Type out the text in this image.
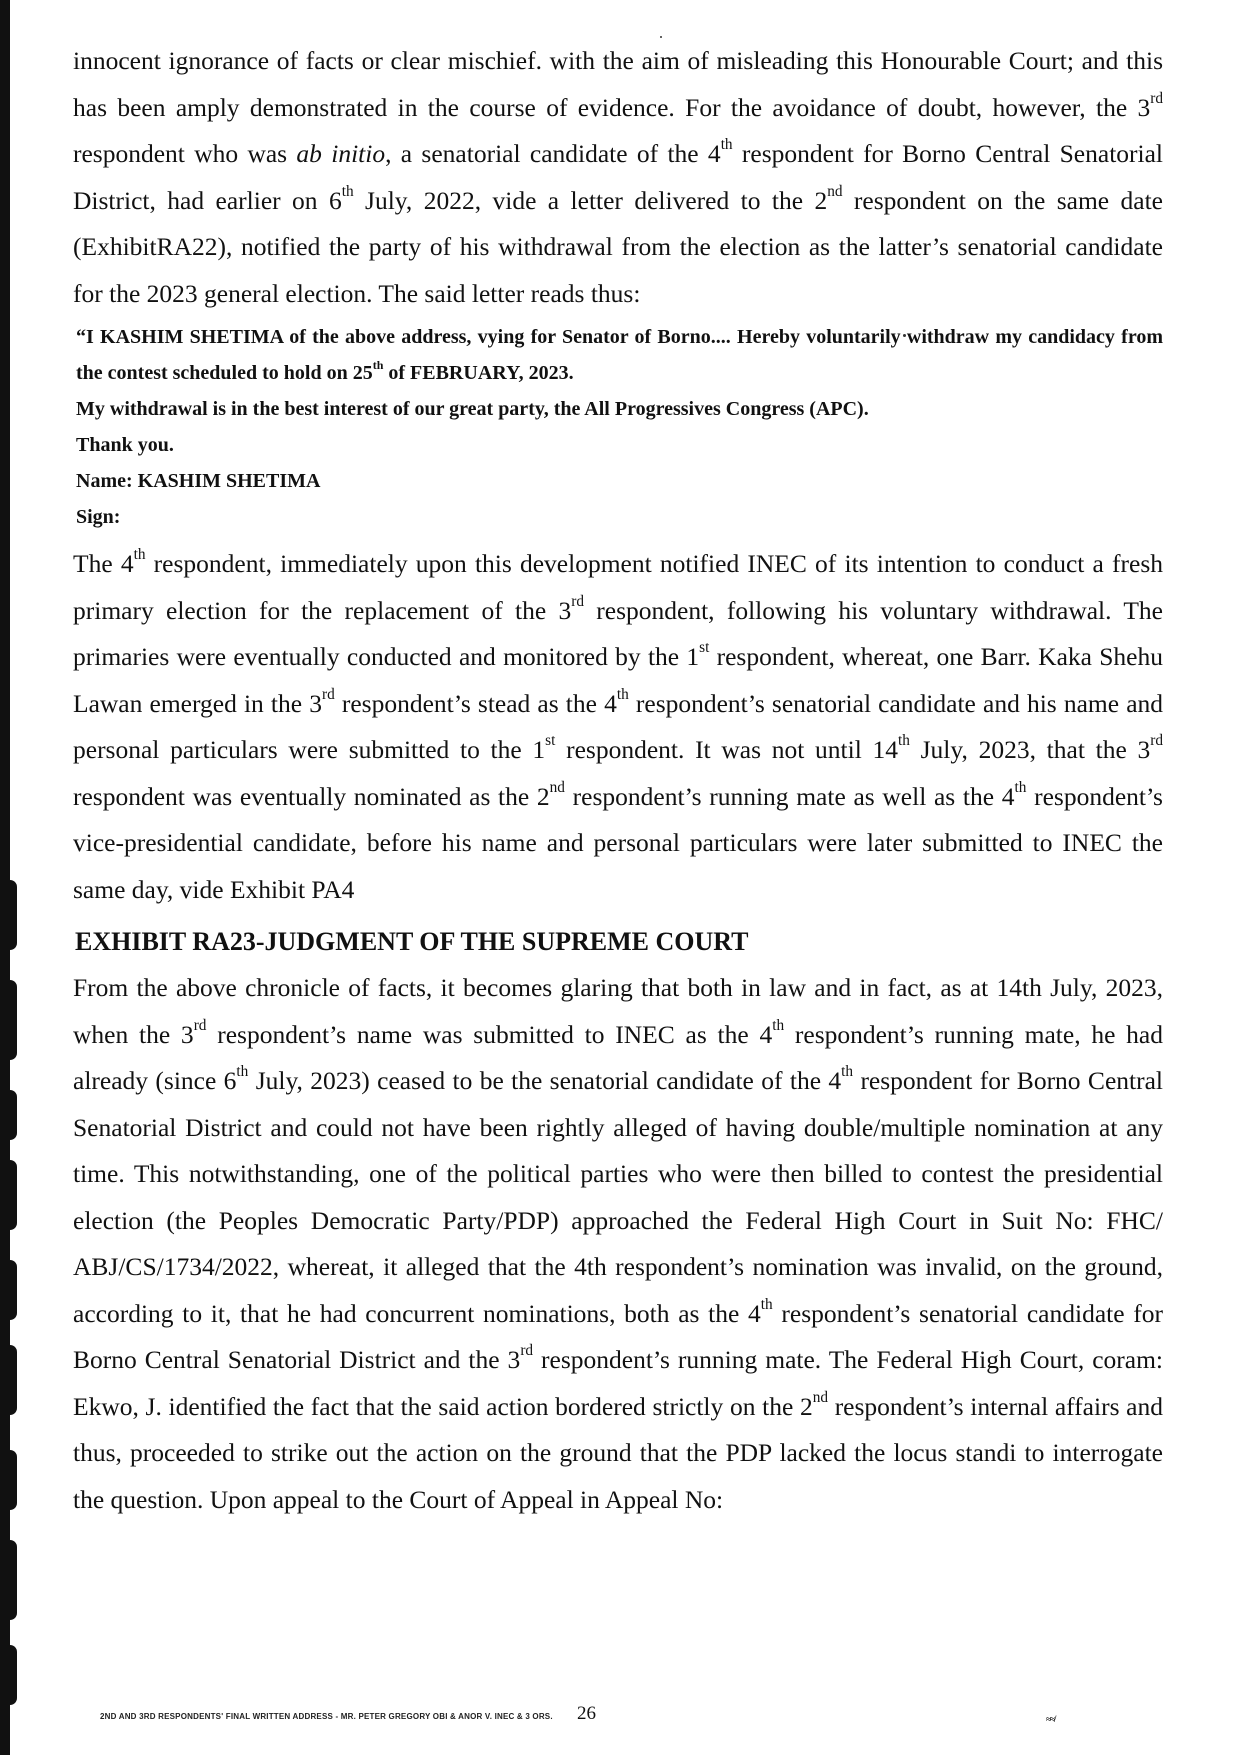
innocent ignorance of facts or clear mischief. with the aim of misleading this Honourable Court; and this has been amply demonstrated in the course of evidence. For the avoidance of doubt, however, the 3rd respondent who was ab initio, a senatorial candidate of the 4th respondent for Borno Central Senatorial District, had earlier on 6th July, 2022, vide a letter delivered to the 2nd respondent on the same date (ExhibitRA22), notified the party of his withdrawal from the election as the latter’s senatorial candidate for the 2023 general election. The said letter reads thus:

“I KASHIM SHETIMA of the above address, vying for Senator of Borno.... Hereby voluntarily withdraw my candidacy from the contest scheduled to hold on 25th of FEBRUARY, 2023.
My withdrawal is in the best interest of our great party, the All Progressives Congress (APC).
Thank you.
Name: KASHIM SHETIMA
Sign:

The 4th respondent, immediately upon this development notified INEC of its intention to conduct a fresh primary election for the replacement of the 3rd respondent, following his voluntary withdrawal. The primaries were eventually conducted and monitored by the 1st respondent, whereat, one Barr. Kaka Shehu Lawan emerged in the 3rd respondent’s stead as the 4th respondent’s senatorial candidate and his name and personal particulars were submitted to the 1st respondent. It was not until 14th July, 2023, that the 3rd respondent was eventually nominated as the 2nd respondent’s running mate as well as the 4th respondent’s vice-presidential candidate, before his name and personal particulars were later submitted to INEC the same day, vide Exhibit PA4

EXHIBIT RA23-JUDGMENT OF THE SUPREME COURT

From the above chronicle of facts, it becomes glaring that both in law and in fact, as at 14th July, 2023, when the 3rd respondent’s name was submitted to INEC as the 4th respondent’s running mate, he had already (since 6th July, 2023) ceased to be the senatorial candidate of the 4th respondent for Borno Central Senatorial District and could not have been rightly alleged of having double/multiple nomination at any time. This notwithstanding, one of the political parties who were then billed to contest the presidential election (the Peoples Democratic Party/PDP) approached the Federal High Court in Suit No: FHC/ ABJ/CS/1734/2022, whereat, it alleged that the 4th respondent’s nomination was invalid, on the ground, according to it, that he had concurrent nominations, both as the 4th respondent’s senatorial candidate for Borno Central Senatorial District and the 3rd respondent’s running mate. The Federal High Court, coram: Ekwo, J. identified the fact that the said action bordered strictly on the 2nd respondent’s internal affairs and thus, proceeded to strike out the action on the ground that the PDP lacked the locus standi to interrogate the question. Upon appeal to the Court of Appeal in Appeal No:

2ND AND 3RD RESPONDENTS' FINAL WRITTEN ADDRESS - MR. PETER GREGORY OBI & ANOR V. INEC & 3 ORS. 26	≈≈/
